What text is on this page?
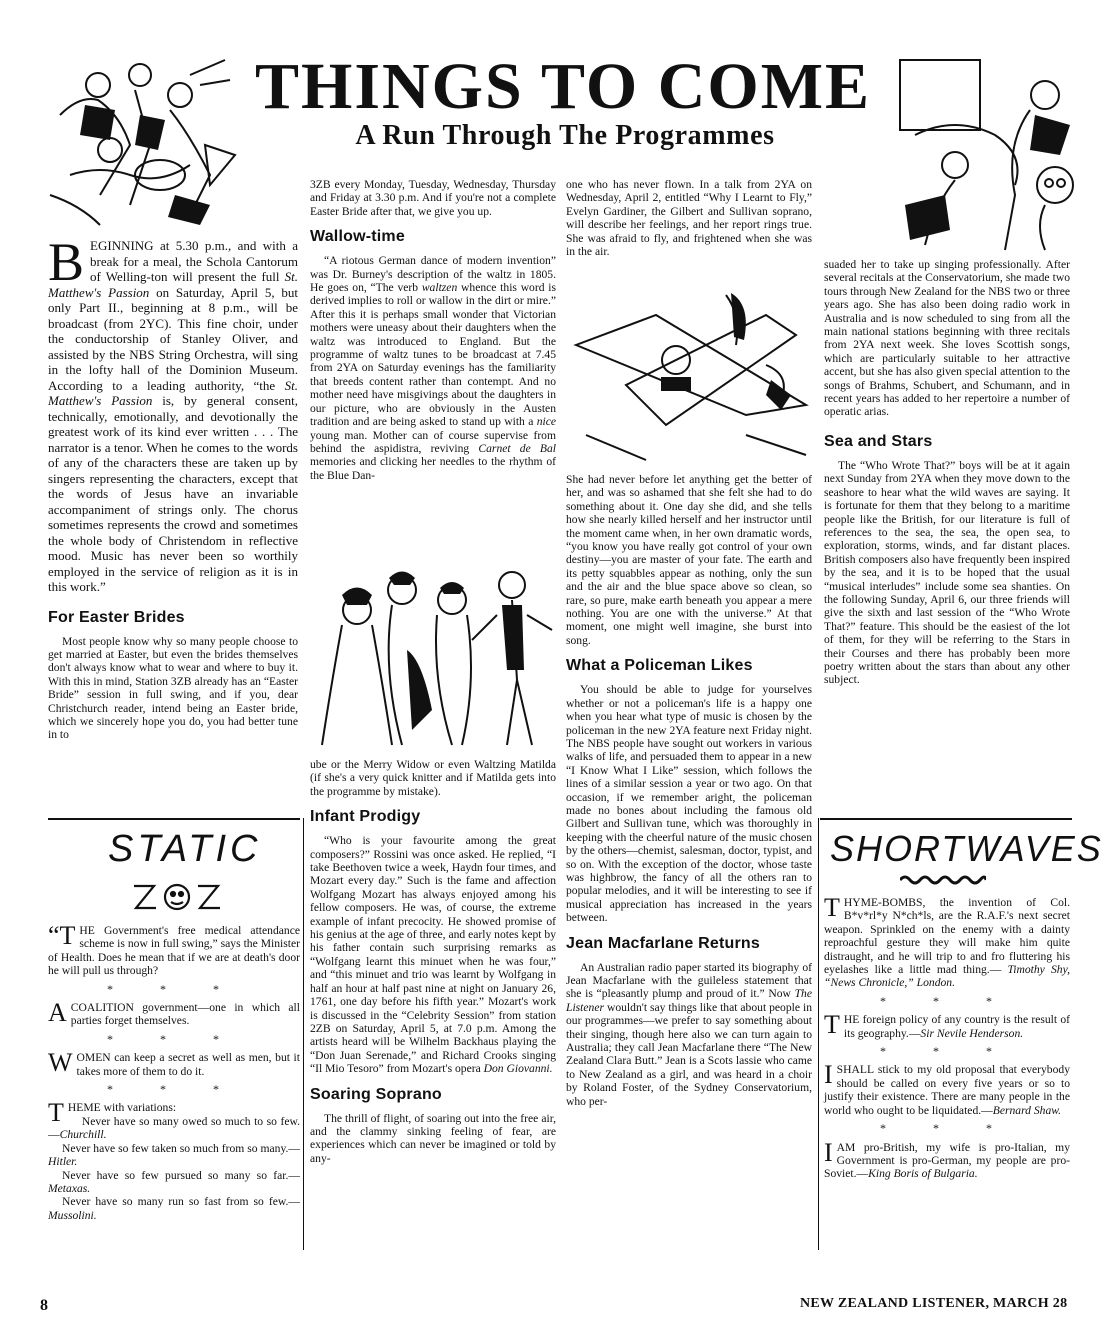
THINGS TO COME
A Run Through The Programmes

BEGINNING at 5.30 p.m., and with a break for a meal, the Schola Cantorum of Welling-ton will present the full St. Matthew's Passion on Saturday, April 5, but only Part II., beginning at 8 p.m., will be broadcast (from 2YC). This fine choir, under the conductorship of Stanley Oliver, and assisted by the NBS String Orchestra, will sing in the lofty hall of the Dominion Museum. According to a leading authority, “the St. Matthew's Passion is, by general consent, technically, emotionally, and devotionally the greatest work of its kind ever written . . . The narrator is a tenor. When he comes to the words of any of the characters these are taken up by singers representing the characters, except that the words of Jesus have an invariable accompaniment of strings only. The chorus sometimes represents the crowd and sometimes the whole body of Christendom in reflective mood. Music has never been so worthily employed in the service of religion as it is in this work.”

For Easter Brides

Most people know why so many people choose to get married at Easter, but even the brides themselves don't always know what to wear and where to buy it. With this in mind, Station 3ZB already has an “Easter Bride” session in full swing, and if you, dear Christchurch reader, intend being an Easter bride, which we sincerely hope you do, you had better tune in to

STATIC

“THE Government's free medical attendance scheme is now in full swing,” says the Minister of Health. Does he mean that if we are at death's door he will pull us through?

* * *

ACOALITION government—one in which all parties forget themselves.

* * *

WOMEN can keep a secret as well as men, but it takes more of them to do it.

* * *

THEME with variations:

Never have so many owed so much to so few.—Churchill.

Never have so few taken so much from so many.—Hitler.

Never have so few pursued so many so far.—Metaxas.

Never have so many run so fast from so few.—Mussolini.

3ZB every Monday, Tuesday, Wednesday, Thursday and Friday at 3.30 p.m. And if you're not a complete Easter Bride after that, we give you up.

Wallow-time

“A riotous German dance of modern invention” was Dr. Burney's description of the waltz in 1805. He goes on, “The verb waltzen whence this word is derived implies to roll or wallow in the dirt or mire.” After this it is perhaps small wonder that Victorian mothers were uneasy about their daughters when the waltz was introduced to England. But the programme of waltz tunes to be broadcast at 7.45 from 2YA on Saturday evenings has the familiarity that breeds content rather than contempt. And no mother need have misgivings about the daughters in our picture, who are obviously in the Austen tradition and are being asked to stand up with a nice young man. Mother can of course supervise from behind the aspidistra, reviving Carnet de Bal memories and clicking her needles to the rhythm of the Blue Dan-

ube or the Merry Widow or even Waltzing Matilda (if she's a very quick knitter and if Matilda gets into the programme by mistake).

Infant Prodigy

“Who is your favourite among the great composers?” Rossini was once asked. He replied, “I take Beethoven twice a week, Haydn four times, and Mozart every day.” Such is the fame and affection Wolfgang Mozart has always enjoyed among his fellow composers. He was, of course, the extreme example of infant precocity. He showed promise of his genius at the age of three, and early notes kept by his father contain such surprising remarks as “Wolfgang learnt this minuet when he was four,” and “this minuet and trio was learnt by Wolfgang in half an hour at half past nine at night on January 26, 1761, one day before his fifth year.” Mozart's work is discussed in the “Celebrity Session” from station 2ZB on Saturday, April 5, at 7.0 p.m. Among the artists heard will be Wilhelm Backhaus playing the “Don Juan Serenade,” and Richard Crooks singing “Il Mio Tesoro” from Mozart's opera Don Giovanni.

Soaring Soprano

The thrill of flight, of soaring out into the free air, and the clammy sinking feeling of fear, are experiences which can never be imagined or told by any-

one who has never flown. In a talk from 2YA on Wednesday, April 2, entitled “Why I Learnt to Fly,” Evelyn Gardiner, the Gilbert and Sullivan soprano, will describe her feelings, and her report rings true. She was afraid to fly, and frightened when she was in the air.

She had never before let anything get the better of her, and was so ashamed that she felt she had to do something about it. One day she did, and she tells how she nearly killed herself and her instructor until the moment came when, in her own dramatic words, “you know you have really got control of your own destiny—you are master of your fate. The earth and its petty squabbles appear as nothing, only the sun and the air and the blue space above so clean, so rare, so pure, make earth beneath you appear a mere nothing. You are one with the universe.” At that moment, one might well imagine, she burst into song.

What a Policeman Likes

You should be able to judge for yourselves whether or not a policeman's life is a happy one when you hear what type of music is chosen by the policeman in the new 2YA feature next Friday night. The NBS people have sought out workers in various walks of life, and persuaded them to appear in a new “I Know What I Like” session, which follows the lines of a similar session a year or two ago. On that occasion, if we remember aright, the policeman made no bones about including the famous old Gilbert and Sullivan tune, which was thoroughly in keeping with the cheerful nature of the music chosen by the others—chemist, salesman, doctor, typist, and so on. With the exception of the doctor, whose taste was highbrow, the fancy of all the others ran to popular melodies, and it will be interesting to see if musical appreciation has increased in the years between.

Jean Macfarlane Returns

An Australian radio paper started its biography of Jean Macfarlane with the guileless statement that she is “pleasantly plump and proud of it.” Now The Listener wouldn't say things like that about people in our programmes—we prefer to say something about their singing, though here also we can turn again to Australia; they call Jean Macfarlane there “The New Zealand Clara Butt.” Jean is a Scots lassie who came to New Zealand as a girl, and was heard in a choir by Roland Foster, of the Sydney Conservatorium, who per-

suaded her to take up singing professionally. After several recitals at the Conservatorium, she made two tours through New Zealand for the NBS two or three years ago. She has also been doing radio work in Australia and is now scheduled to sing from all the main national stations beginning with three recitals from 2YA next week. She loves Scottish songs, which are particularly suitable to her attractive accent, but she has also given special attention to the songs of Brahms, Schubert, and Schumann, and in recent years has added to her repertoire a number of operatic arias.

Sea and Stars

The “Who Wrote That?” boys will be at it again next Sunday from 2YA when they move down to the seashore to hear what the wild waves are saying. It is fortunate for them that they belong to a maritime people like the British, for our literature is full of references to the sea, the sea, the open sea, to exploration, storms, winds, and far distant places. British composers also have frequently been inspired by the sea, and it is to be hoped that the usual “musical interludes” include some sea shanties. On the following Sunday, April 6, our three friends will give the sixth and last session of the “Who Wrote That?” feature. This should be the easiest of the lot of them, for they will be referring to the Stars in their Courses and there has probably been more poetry written about the stars than about any other subject.

SHORTWAVES

THYME-BOMBS, the invention of Col. B*v*rl*y N*ch*ls, are the R.A.F.'s next secret weapon. Sprinkled on the enemy with a dainty reproachful gesture they will make him quite distraught, and he will trip to and fro fluttering his eyelashes like a little mad thing.— Timothy Shy, “News Chronicle,” London.

* * *

THE foreign policy of any country is the result of its geography.—Sir Nevile Henderson.

* * *

ISHALL stick to my old proposal that everybody should be called on every five years or so to justify their existence. There are many people in the world who ought to be liquidated.—Bernard Shaw.

* * *

IAM pro-British, my wife is pro-Italian, my Government is pro-German, my people are pro-Soviet.—King Boris of Bulgaria.

8	NEW ZEALAND LISTENER, MARCH 28
